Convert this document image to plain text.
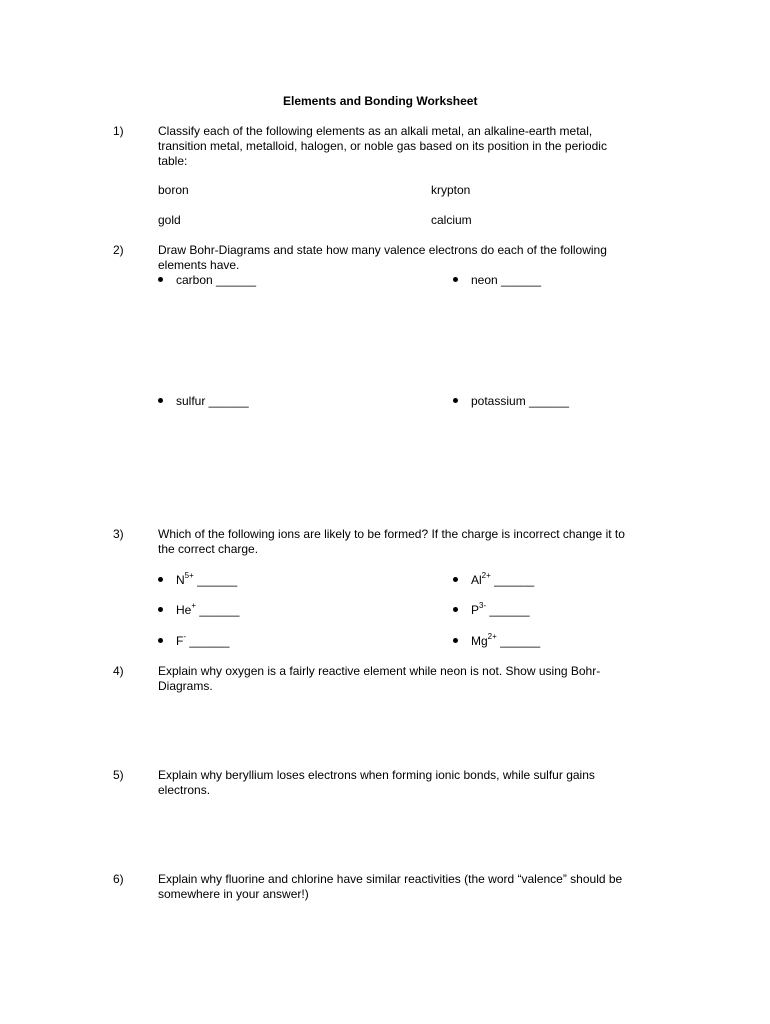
Elements and Bonding Worksheet
1)	Classify each of the following elements as an alkali metal, an alkaline-earth metal,
transition metal, metalloid, halogen, or noble gas based on its position in the periodic
table:
boron	krypton
gold	calcium
2)	Draw Bohr-Diagrams and state how many valence electrons do each of the following
elements have.
carbon ______	neon ______
sulfur ______	potassium ______
3)	Which of the following ions are likely to be formed? If the charge is incorrect change it to
the correct charge.
$N^{5+}$ ______	$Al^{2+}$ ______
He+ ______	$P^{3-}$ ______
F- ______	$Mg^{2+}$ ______
4)	Explain why oxygen is a fairly reactive element while neon is not. Show using Bohr-
Diagrams.
5)	Explain why beryllium loses electrons when forming ionic bonds, while sulfur gains
electrons.
6)	Explain why fluorine and chlorine have similar reactivities (the word “valence” should be
somewhere in your answer!)
